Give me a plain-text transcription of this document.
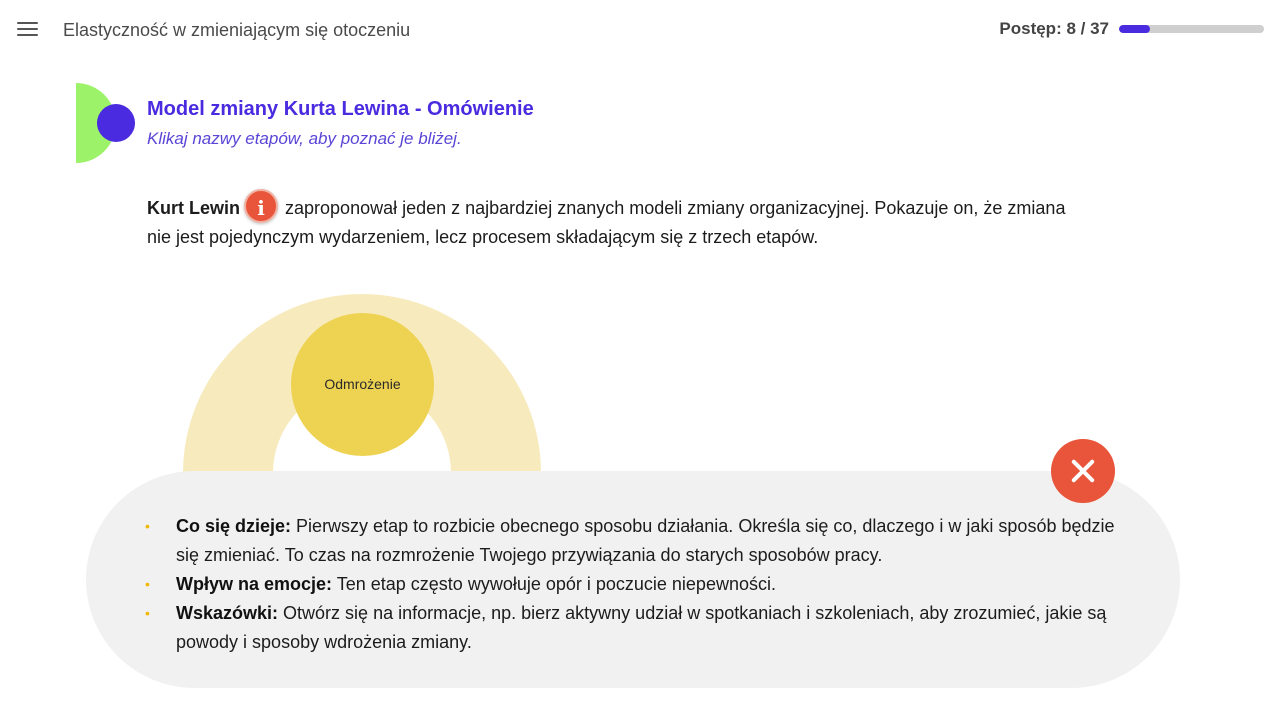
Elastyczność w zmieniającym się otoczeniu	Postęp: 8 / 37
Model zmiany Kurta Lewina - Omówienie
Klikaj nazwy etapów, aby poznać je bliżej.
Kurt Lewin i	zaproponował jeden z najbardziej znanych modeli zmiany organizacyjnej. Pokazuje on, że zmiana nie jest pojedynczym wydarzeniem, lecz procesem składającym się z trzech etapów.
Odmrożenie
• Co się dzieje: Pierwszy etap to rozbicie obecnego sposobu działania. Określa się co, dlaczego i w jaki sposób będzie się zmieniać. To czas na rozmrożenie Twojego przywiązania do starych sposobów pracy.
• Wpływ na emocje: Ten etap często wywołuje opór i poczucie niepewności.
• Wskazówki: Otwórz się na informacje, np. bierz aktywny udział w spotkaniach i szkoleniach, aby zrozumieć, jakie są powody i sposoby wdrożenia zmiany.
